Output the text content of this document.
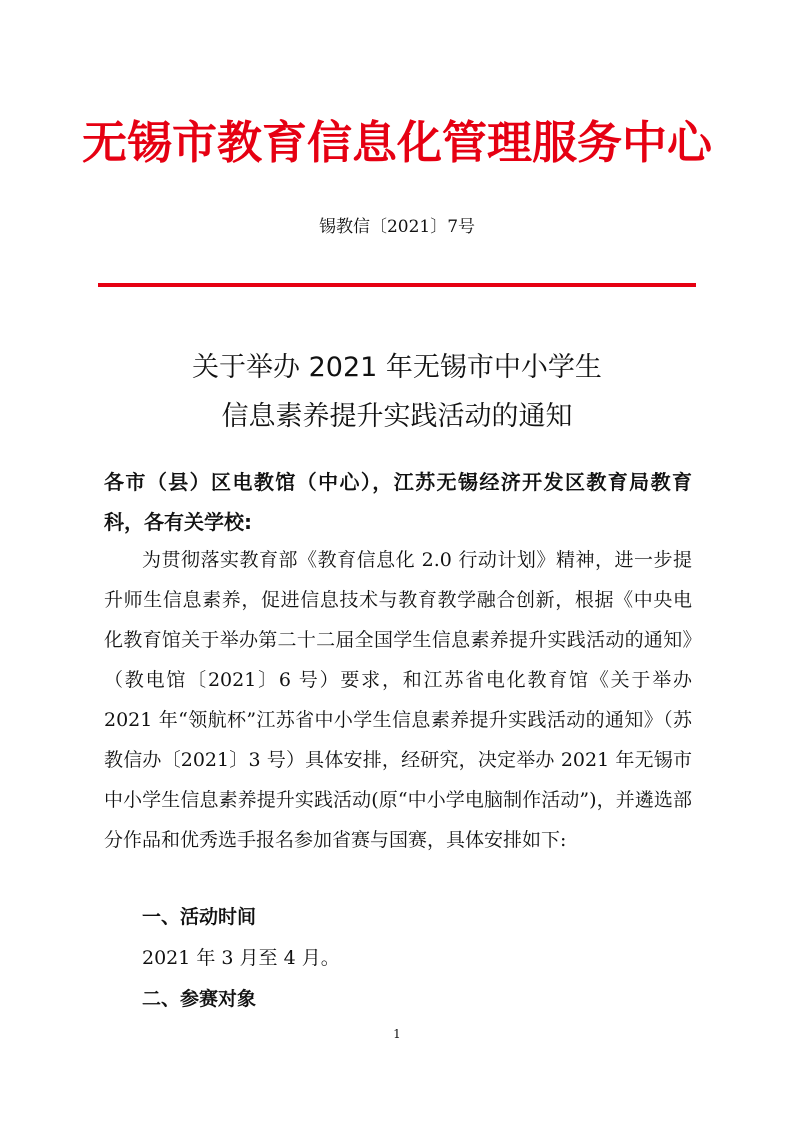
无锡市教育信息化管理服务中心
锡教信〔2021〕7号
关于举办 2021 年无锡市中小学生
信息素养提升实践活动的通知
各市（县）区电教馆（中心），江苏无锡经济开发区教育局教育科，各有关学校:

为贯彻落实教育部《教育信息化 2.0 行动计划》精神，进一步提升师生信息素养，促进信息技术与教育教学融合创新，根据《中央电化教育馆关于举办第二十二届全国学生信息素养提升实践活动的通知》（教电馆〔2021〕6 号）要求，和江苏省电化教育馆《关于举办 2021 年“领航杯”江苏省中小学生信息素养提升实践活动的通知》（苏教信办〔2021〕3 号）具体安排，经研究，决定举办 2021 年无锡市中小学生信息素养提升实践活动(原“中小学电脑制作活动”)，并遴选部分作品和优秀选手报名参加省赛与国赛，具体安排如下:

一、活动时间
2021 年 3 月至 4 月。
二、参赛对象
1
